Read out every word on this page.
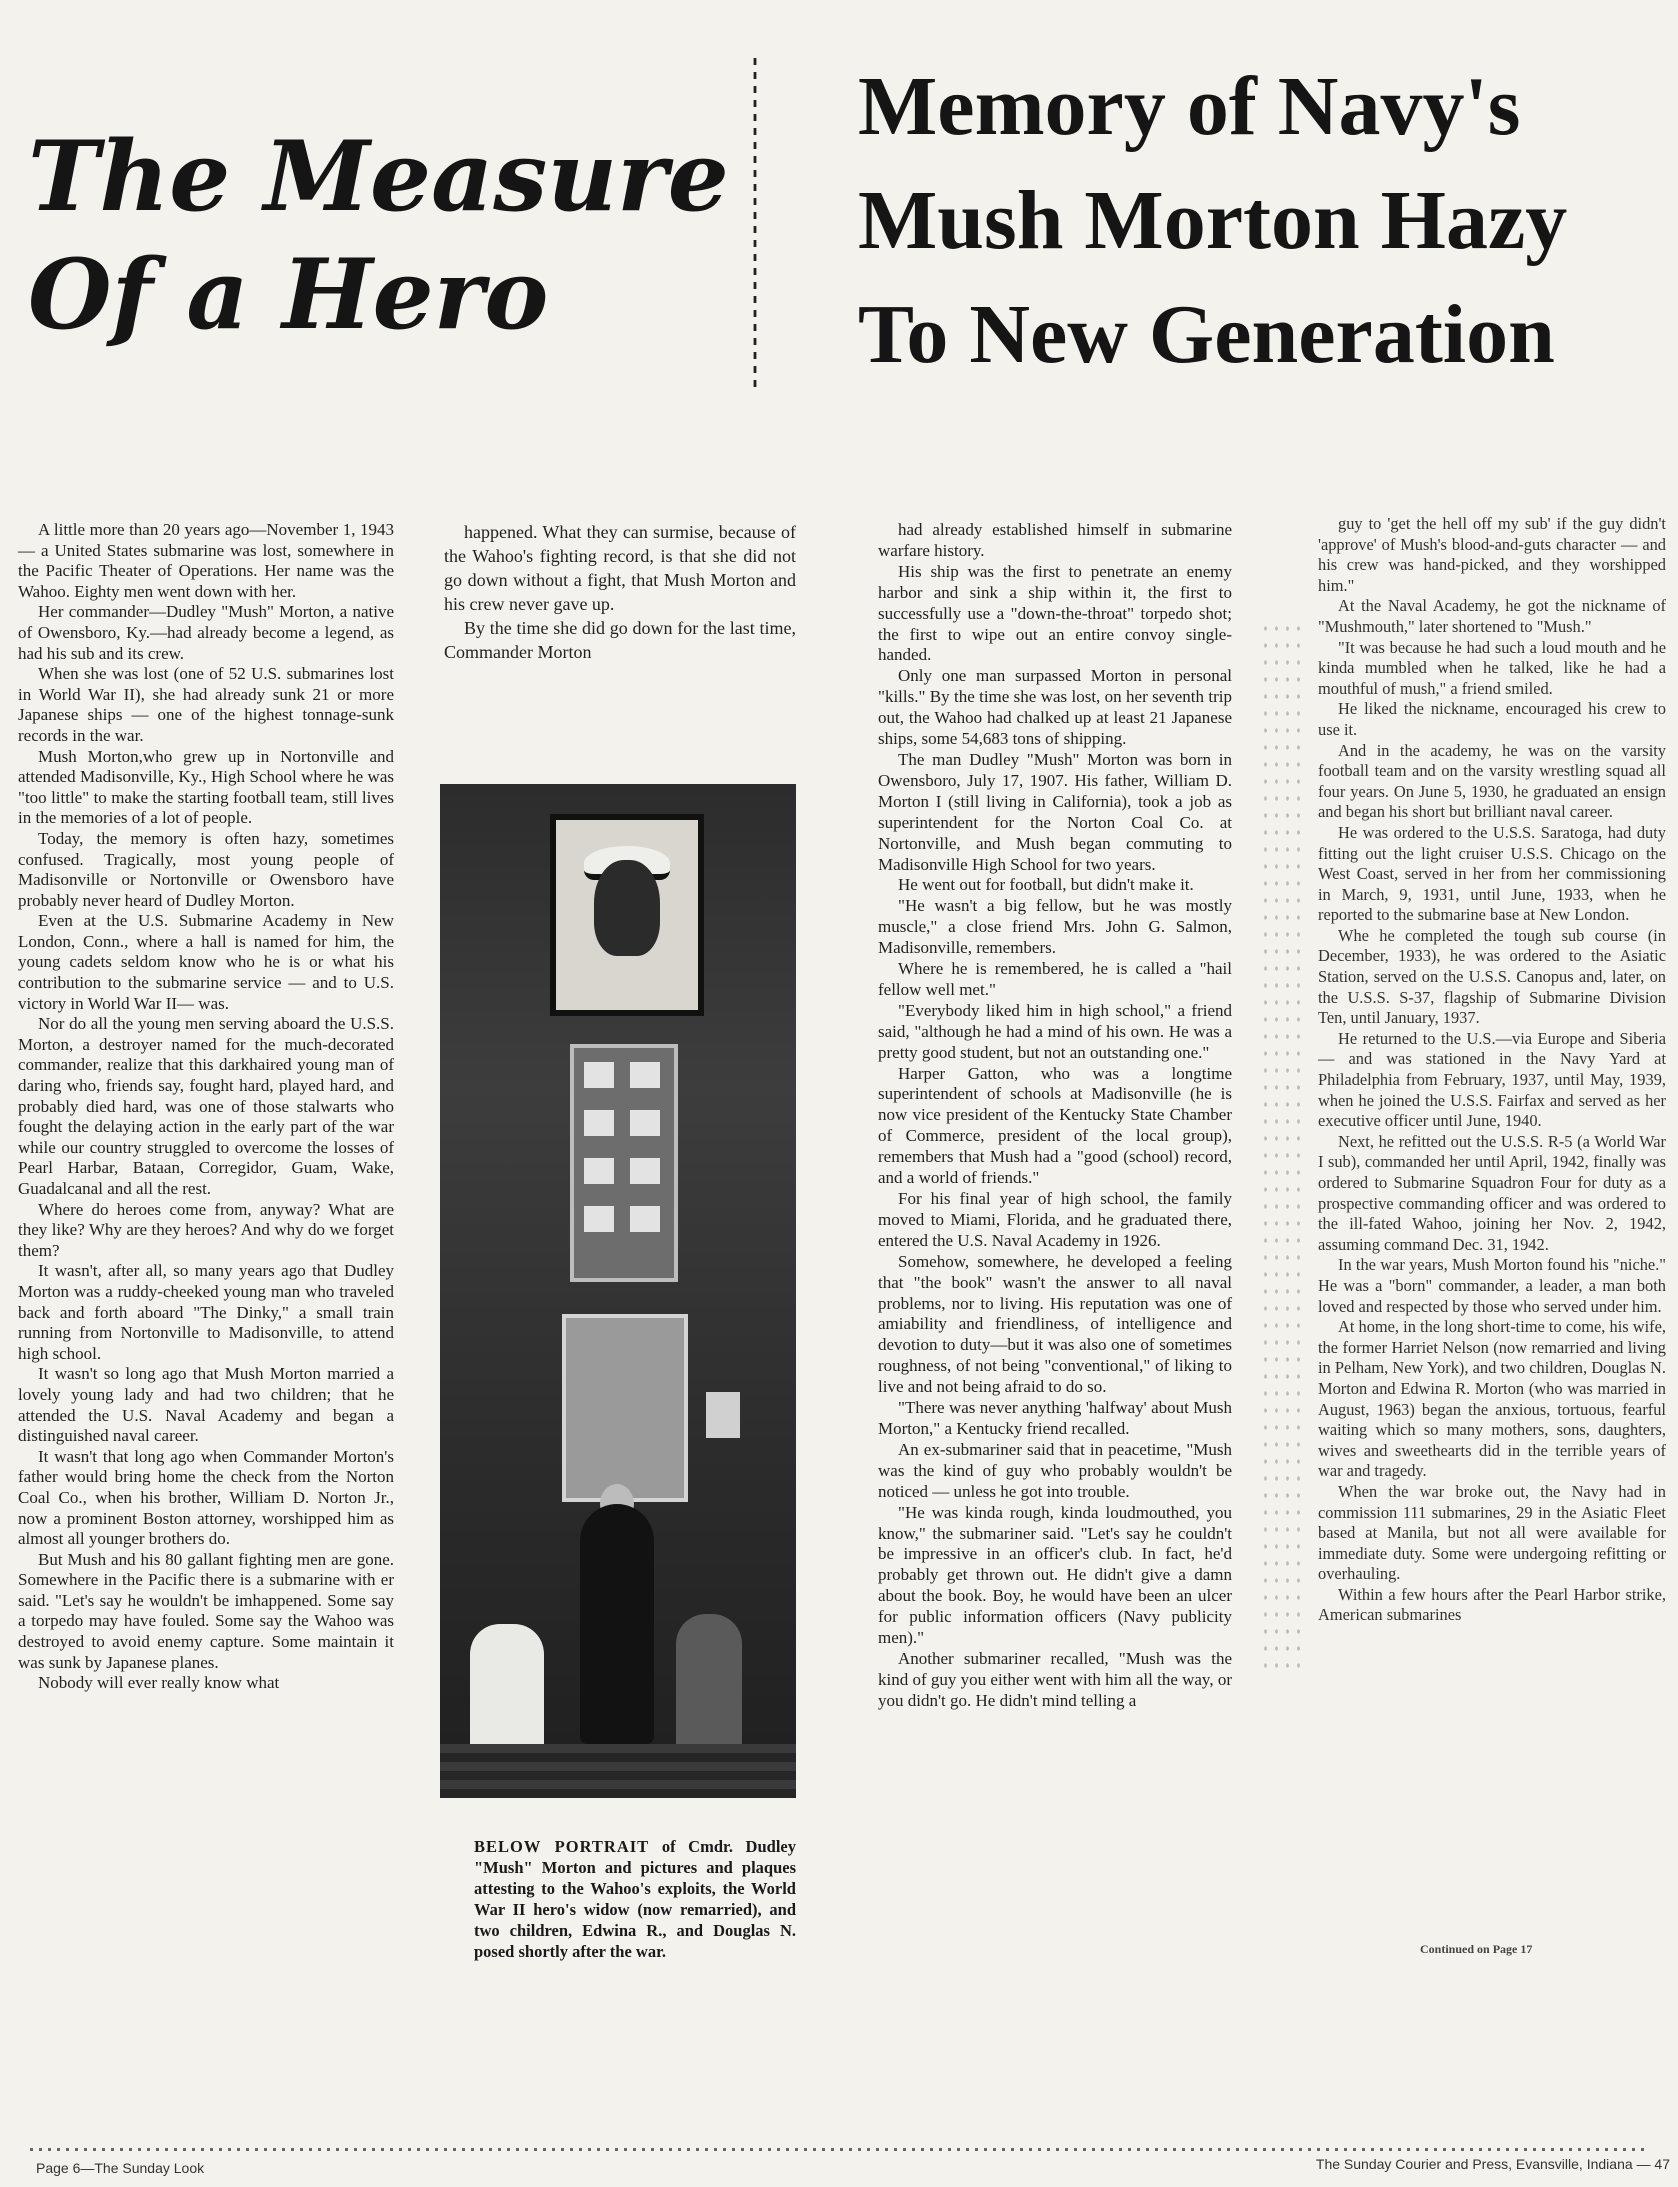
The Measure
Of a Hero
Memory of Navy's
Mush Morton Hazy
To New Generation

A little more than 20 years ago—November 1, 1943 — a United States submarine was lost, somewhere in the Pacific Theater of Operations. Her name was the Wahoo. Eighty men went down with her.

Her commander—Dudley "Mush" Morton, a native of Owensboro, Ky.—had already become a legend, as had his sub and its crew.

When she was lost (one of 52 U.S. submarines lost in World War II), she had already sunk 21 or more Japanese ships — one of the highest tonnage-sunk records in the war.

Mush Morton,who grew up in Nortonville and attended Madisonville, Ky., High School where he was "too little" to make the starting football team, still lives in the memories of a lot of people.

Today, the memory is often hazy, sometimes confused. Tragically, most young people of Madisonville or Nortonville or Owensboro have probably never heard of Dudley Morton.

Even at the U.S. Submarine Academy in New London, Conn., where a hall is named for him, the young cadets seldom know who he is or what his contribution to the submarine service — and to U.S. victory in World War II— was.

Nor do all the young men serving aboard the U.S.S. Morton, a destroyer named for the much-decorated commander, realize that this darkhaired young man of daring who, friends say, fought hard, played hard, and probably died hard, was one of those stalwarts who fought the delaying action in the early part of the war while our country struggled to overcome the losses of Pearl Harbar, Bataan, Corregidor, Guam, Wake, Guadalcanal and all the rest.

Where do heroes come from, anyway? What are they like? Why are they heroes? And why do we forget them?

It wasn't, after all, so many years ago that Dudley Morton was a ruddy-cheeked young man who traveled back and forth aboard "The Dinky," a small train running from Nortonville to Madisonville, to attend high school.

It wasn't so long ago that Mush Morton married a lovely young lady and had two children; that he attended the U.S. Naval Academy and began a distinguished naval career.

It wasn't that long ago when Commander Morton's father would bring home the check from the Norton Coal Co., when his brother, William D. Norton Jr., now a prominent Boston attorney, worshipped him as almost all younger brothers do.

But Mush and his 80 gallant fighting men are gone. Somewhere in the Pacific there is a submarine with er said. "Let's say he wouldn't be imhappened. Some say a torpedo may have fouled. Some say the Wahoo was destroyed to avoid enemy capture. Some maintain it was sunk by Japanese planes.

Nobody will ever really know what

happened. What they can surmise, because of the Wahoo's fighting record, is that she did not go down without a fight, that Mush Morton and his crew never gave up.

By the time she did go down for the last time, Commander Morton

BELOW PORTRAIT of Cmdr. Dudley "Mush" Morton and pictures and plaques attesting to the Wahoo's exploits, the World War II hero's widow (now remarried), and two children, Edwina R., and Douglas N. posed shortly after the war.

had already established himself in submarine warfare history.

His ship was the first to penetrate an enemy harbor and sink a ship within it, the first to successfully use a "down-the-throat" torpedo shot; the first to wipe out an entire convoy single-handed.

Only one man surpassed Morton in personal "kills." By the time she was lost, on her seventh trip out, the Wahoo had chalked up at least 21 Japanese ships, some 54,683 tons of shipping.

The man Dudley "Mush" Morton was born in Owensboro, July 17, 1907. His father, William D. Morton I (still living in California), took a job as superintendent for the Norton Coal Co. at Nortonville, and Mush began commuting to Madisonville High School for two years.

He went out for football, but didn't make it.

"He wasn't a big fellow, but he was mostly muscle," a close friend Mrs. John G. Salmon, Madisonville, remembers.

Where he is remembered, he is called a "hail fellow well met."

"Everybody liked him in high school," a friend said, "although he had a mind of his own. He was a pretty good student, but not an outstanding one."

Harper Gatton, who was a longtime superintendent of schools at Madisonville (he is now vice president of the Kentucky State Chamber of Commerce, president of the local group), remembers that Mush had a "good (school) record, and a world of friends."

For his final year of high school, the family moved to Miami, Florida, and he graduated there, entered the U.S. Naval Academy in 1926.

Somehow, somewhere, he developed a feeling that "the book" wasn't the answer to all naval problems, nor to living. His reputation was one of amiability and friendliness, of intelligence and devotion to duty—but it was also one of sometimes roughness, of not being "conventional," of liking to live and not being afraid to do so.

"There was never anything 'halfway' about Mush Morton," a Kentucky friend recalled.

An ex-submariner said that in peacetime, "Mush was the kind of guy who probably wouldn't be noticed — unless he got into trouble.

"He was kinda rough, kinda loudmouthed, you know," the submariner said. "Let's say he couldn't be impressive in an officer's club. In fact, he'd probably get thrown out. He didn't give a damn about the book. Boy, he would have been an ulcer for public information officers (Navy publicity men)."

Another submariner recalled, "Mush was the kind of guy you either went with him all the way, or you didn't go. He didn't mind telling a

guy to 'get the hell off my sub' if the guy didn't 'approve' of Mush's blood-and-guts character — and his crew was hand-picked, and they worshipped him."

At the Naval Academy, he got the nickname of "Mushmouth," later shortened to "Mush."

"It was because he had such a loud mouth and he kinda mumbled when he talked, like he had a mouthful of mush," a friend smiled.

He liked the nickname, encouraged his crew to use it.

And in the academy, he was on the varsity football team and on the varsity wrestling squad all four years. On June 5, 1930, he graduated an ensign and began his short but brilliant naval career.

He was ordered to the U.S.S. Saratoga, had duty fitting out the light cruiser U.S.S. Chicago on the West Coast, served in her from her commissioning in March, 9, 1931, until June, 1933, when he reported to the submarine base at New London.

Whe he completed the tough sub course (in December, 1933), he was ordered to the Asiatic Station, served on the U.S.S. Canopus and, later, on the U.S.S. S-37, flagship of Submarine Division Ten, until January, 1937.

He returned to the U.S.—via Europe and Siberia — and was stationed in the Navy Yard at Philadelphia from February, 1937, until May, 1939, when he joined the U.S.S. Fairfax and served as her executive officer until June, 1940.

Next, he refitted out the U.S.S. R-5 (a World War I sub), commanded her until April, 1942, finally was ordered to Submarine Squadron Four for duty as a prospective commanding officer and was ordered to the ill-fated Wahoo, joining her Nov. 2, 1942, assuming command Dec. 31, 1942.

In the war years, Mush Morton found his "niche." He was a "born" commander, a leader, a man both loved and respected by those who served under him.

At home, in the long short-time to come, his wife, the former Harriet Nelson (now remarried and living in Pelham, New York), and two children, Douglas N. Morton and Edwina R. Morton (who was married in August, 1963) began the anxious, tortuous, fearful waiting which so many mothers, sons, daughters, wives and sweethearts did in the terrible years of war and tragedy.

When the war broke out, the Navy had in commission 111 submarines, 29 in the Asiatic Fleet based at Manila, but not all were available for immediate duty. Some were undergoing refitting or overhauling.

Within a few hours after the Pearl Harbor strike, American submarines

Continued on Page 17
Page 6—The Sunday Look	The Sunday Courier and Press, Evansville, Indiana — 47
